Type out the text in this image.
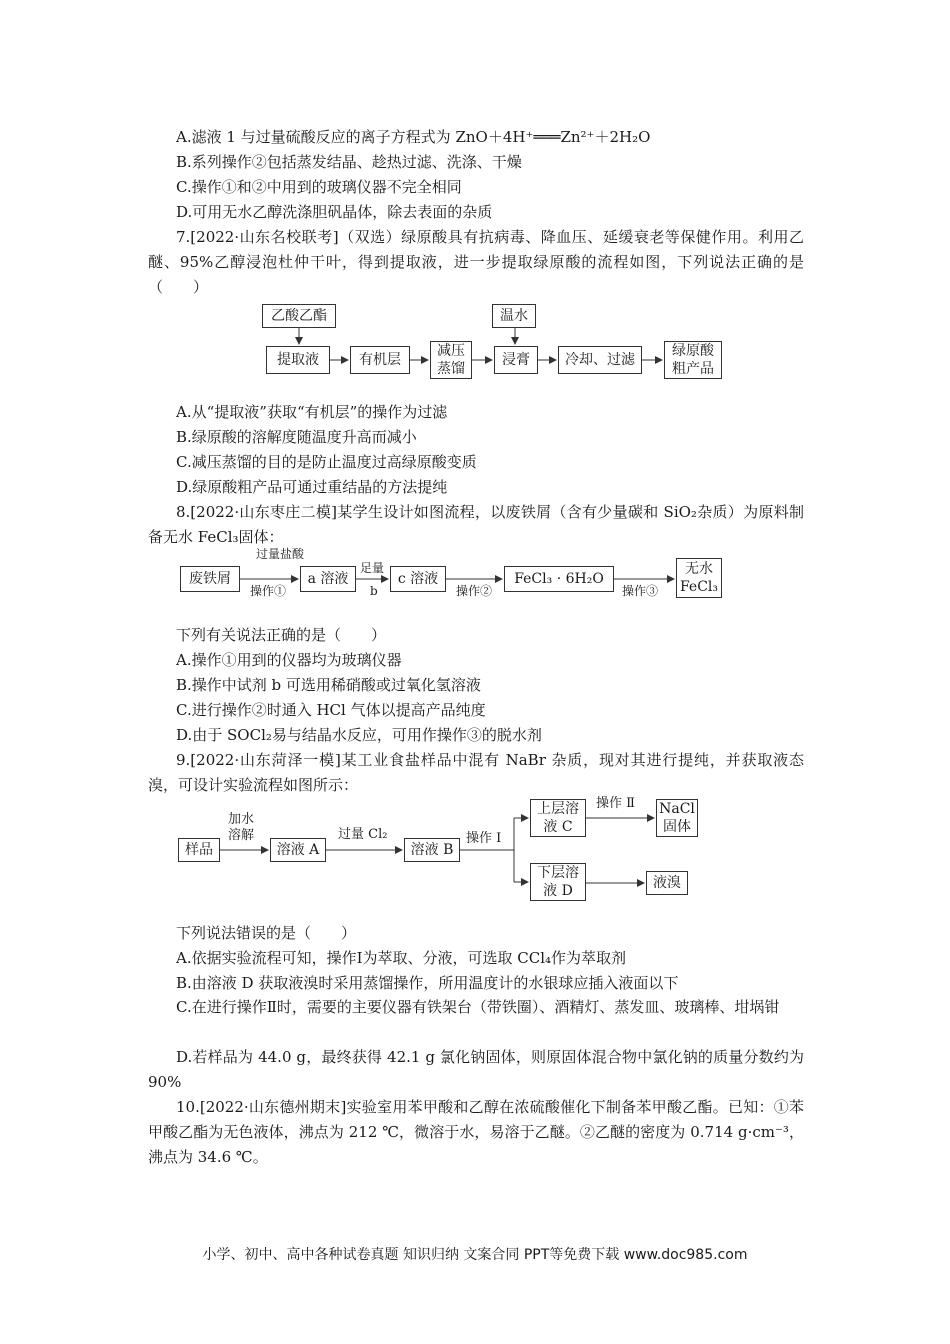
A.滤液 1 与过量硫酸反应的离子方程式为 ZnO＋4H⁺═══Zn²⁺＋2H₂O
B.系列操作②包括蒸发结晶、趁热过滤、洗涤、干燥
C.操作①和②中用到的玻璃仪器不完全相同
D.可用无水乙醇洗涤胆矾晶体，除去表面的杂质
7.[2022·山东名校联考]（双选）绿原酸具有抗病毒、降血压、延缓衰老等保健作用。利用乙醚、95%乙醇浸泡杜仲干叶，得到提取液，进一步提取绿原酸的流程如图，下列说法正确的是（　　）
乙酸乙酯	温水
提取液	有机层
减压蒸馏
浸膏	冷却、过滤
绿原酸粗产品
A.从“提取液”获取“有机层”的操作为过滤
B.绿原酸的溶解度随温度升高而减小
C.减压蒸馏的目的是防止温度过高绿原酸变质
D.绿原酸粗产品可通过重结晶的方法提纯
8.[2022·山东枣庄二模]某学生设计如图流程，以废铁屑（含有少量碳和 SiO₂杂质）为原料制备无水 FeCl₃固体：
废铁屑
过量盐酸
操作①
a 溶液
足量
b
c 溶液
操作②
FeCl₃ · 6H₂O
操作③
无水FeCl₃
下列有关说法正确的是（　　）
A.操作①用到的仪器均为玻璃仪器
B.操作中试剂 b 可选用稀硝酸或过氧化氢溶液
C.进行操作②时通入 HCl 气体以提高产品纯度
D.由于 SOCl₂易与结晶水反应，可用作操作③的脱水剂
9.[2022·山东菏泽一模]某工业食盐样品中混有 NaBr 杂质，现对其进行提纯，并获取液态溴，可设计实验流程如图所示：
样品
加水溶解
溶液 A
过量 Cl₂
溶液 B
操作 Ⅰ
上层溶液 C
操作 Ⅱ NaCl固体
下层溶液 D	液溴
下列说法错误的是（　　）
A.依据实验流程可知，操作Ⅰ为萃取、分液，可选取 CCl₄作为萃取剂
B.由溶液 D 获取液溴时采用蒸馏操作，所用温度计的水银球应插入液面以下
C.在进行操作Ⅱ时，需要的主要仪器有铁架台（带铁圈）、酒精灯、蒸发皿、玻璃棒、坩埚钳
D.若样品为 44.0 g，最终获得 42.1 g 氯化钠固体，则原固体混合物中氯化钠的质量分数约为 90%
10.[2022·山东德州期末]实验室用苯甲酸和乙醇在浓硫酸催化下制备苯甲酸乙酯。已知：①苯甲酸乙酯为无色液体，沸点为 212 ℃，微溶于水，易溶于乙醚。②乙醚的密度为 0.714 g·cm⁻³，沸点为 34.6 ℃。
小学、初中、高中各种试卷真题 知识归纳 文案合同 PPT等免费下载 www.doc985.com
